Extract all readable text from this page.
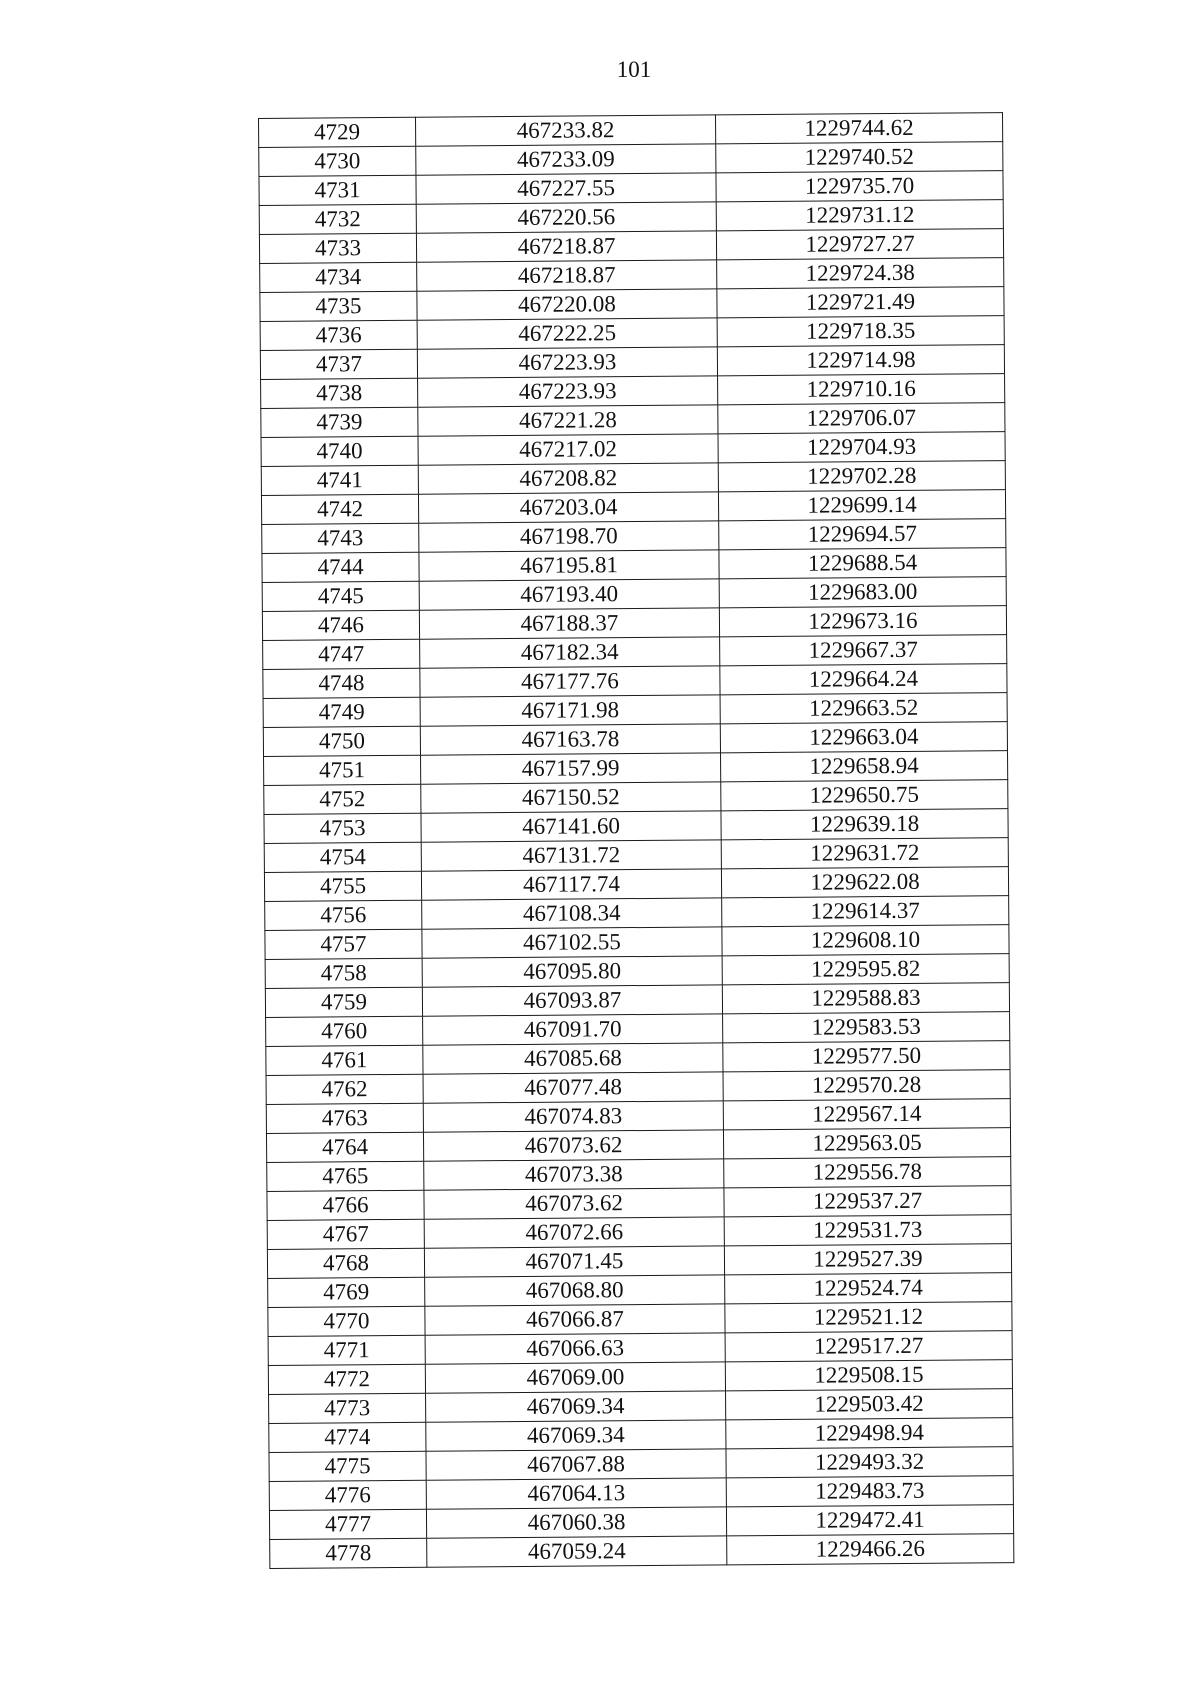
101
4729	467233.82	1229744.62
4730	467233.09	1229740.52
4731	467227.55	1229735.70
4732	467220.56	1229731.12
4733	467218.87	1229727.27
4734	467218.87	1229724.38
4735	467220.08	1229721.49
4736	467222.25	1229718.35
4737	467223.93	1229714.98
4738	467223.93	1229710.16
4739	467221.28	1229706.07
4740	467217.02	1229704.93
4741	467208.82	1229702.28
4742	467203.04	1229699.14
4743	467198.70	1229694.57
4744	467195.81	1229688.54
4745	467193.40	1229683.00
4746	467188.37	1229673.16
4747	467182.34	1229667.37
4748	467177.76	1229664.24
4749	467171.98	1229663.52
4750	467163.78	1229663.04
4751	467157.99	1229658.94
4752	467150.52	1229650.75
4753	467141.60	1229639.18
4754	467131.72	1229631.72
4755	467117.74	1229622.08
4756	467108.34	1229614.37
4757	467102.55	1229608.10
4758	467095.80	1229595.82
4759	467093.87	1229588.83
4760	467091.70	1229583.53
4761	467085.68	1229577.50
4762	467077.48	1229570.28
4763	467074.83	1229567.14
4764	467073.62	1229563.05
4765	467073.38	1229556.78
4766	467073.62	1229537.27
4767	467072.66	1229531.73
4768	467071.45	1229527.39
4769	467068.80	1229524.74
4770	467066.87	1229521.12
4771	467066.63	1229517.27
4772	467069.00	1229508.15
4773	467069.34	1229503.42
4774	467069.34	1229498.94
4775	467067.88	1229493.32
4776	467064.13	1229483.73
4777	467060.38	1229472.41
4778	467059.24	1229466.26
